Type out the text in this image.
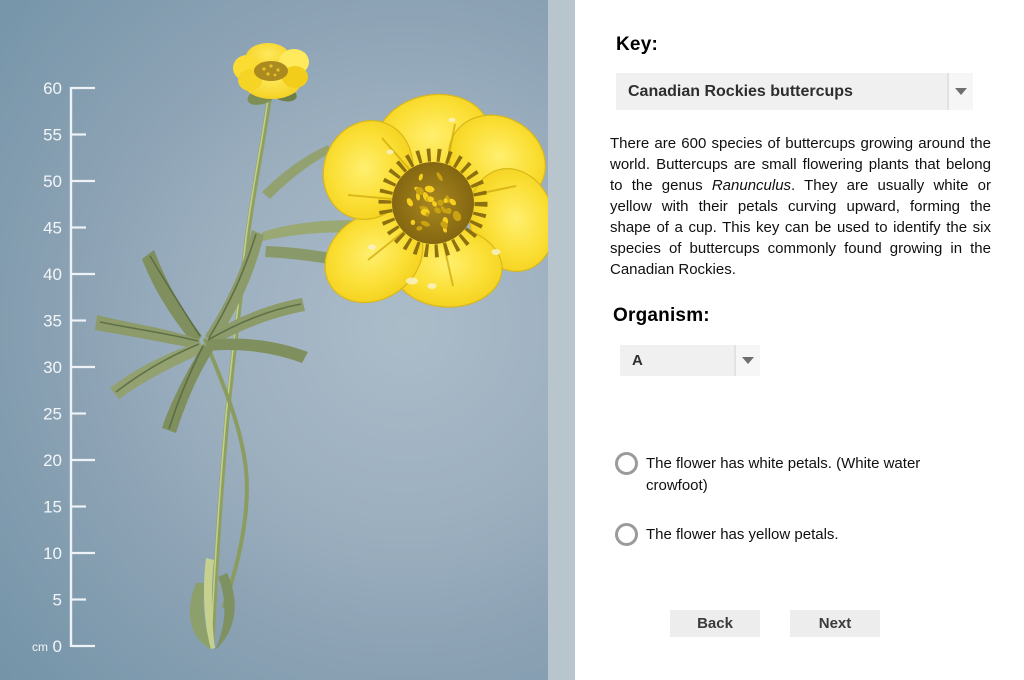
0
5
10
15
20
25
30
35
40
45
50
55
60
cm
Key:
Canadian Rockies buttercups

There are 600 species of buttercups growing around the world. Buttercups are small flowering plants that belong to the genus Ranunculus. They are usually white or yellow with their petals curving upward, forming the shape of a cup. This key can be used to identify the six species of buttercups commonly found growing in the Canadian Rockies.

Organism:
A
The flower has white petals. (White water crowfoot)
The flower has yellow petals.
Back	Next
